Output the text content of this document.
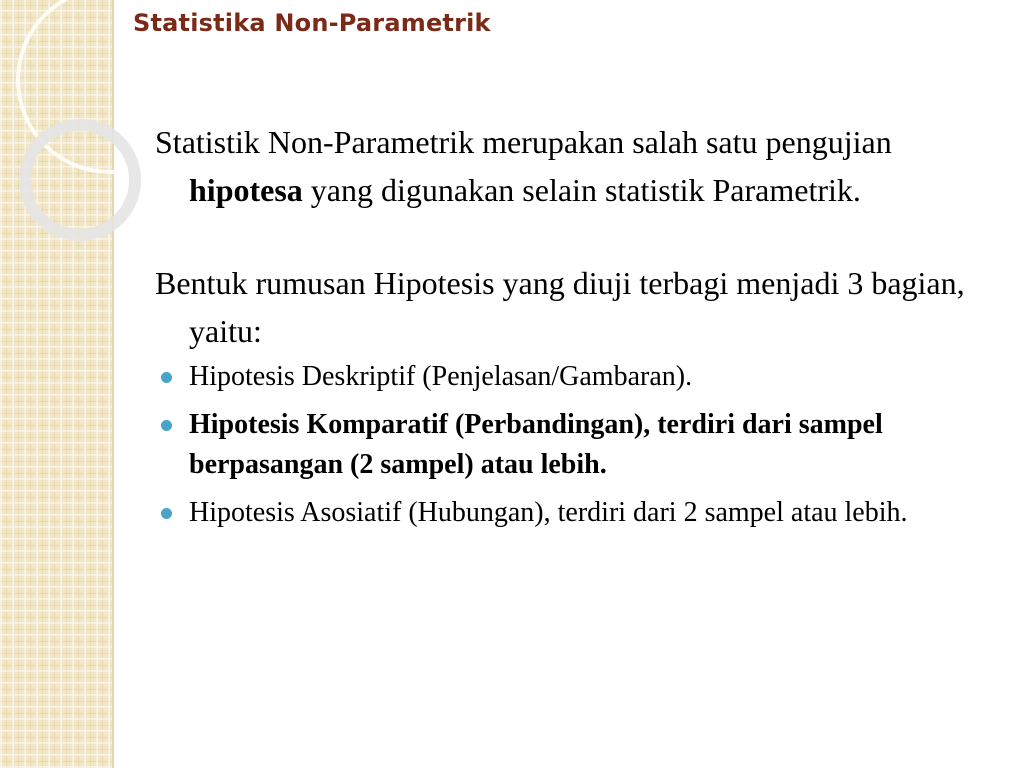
Statistika Non-Parametrik

Statistik Non-Parametrik merupakan salah satu pengujian hipotesa yang digunakan selain statistik Parametrik.

Bentuk rumusan Hipotesis yang diuji terbagi menjadi 3 bagian, yaitu:

Hipotesis Deskriptif (Penjelasan/Gambaran).
Hipotesis Komparatif (Perbandingan), terdiri dari sampel berpasangan (2 sampel) atau lebih.
Hipotesis Asosiatif (Hubungan), terdiri dari 2 sampel atau lebih.
